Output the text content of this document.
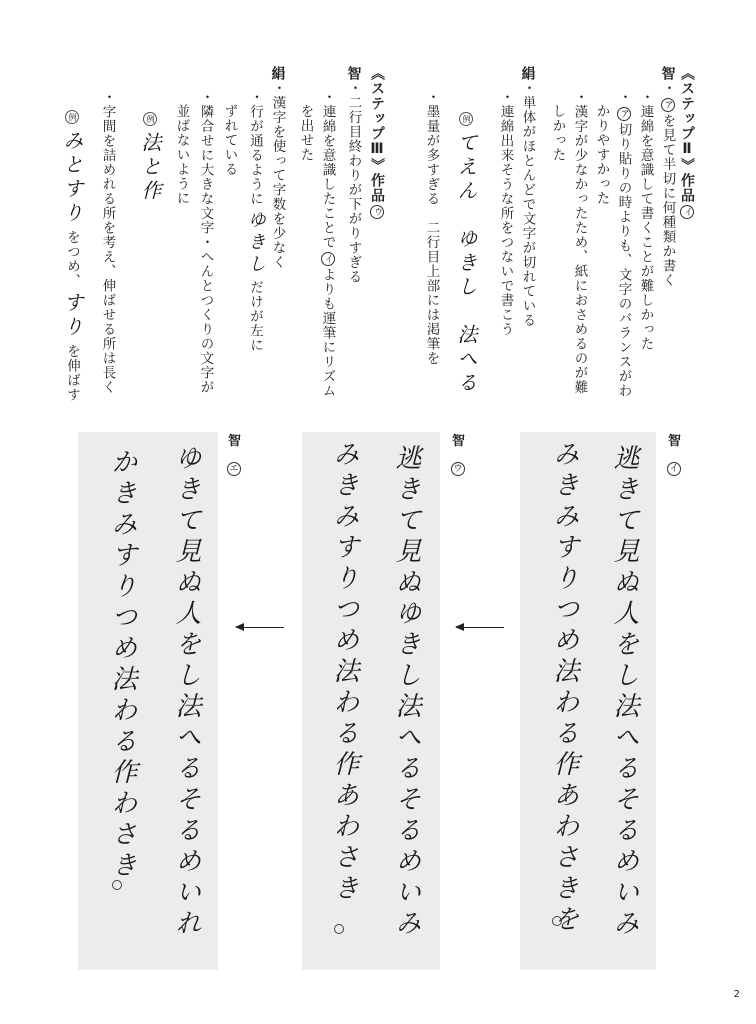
《ステップⅡ》作品イ
智・アを見て半切に何種類か書く
・連綿を意識して書くことが難しかった
・ア切り貼りの時よりも、文字のバランスがわ
かりやすかった
・漢字が少なかったため、紙におさめるのが難
しかった
絹・単体がほとんどで文字が切れている
・連綿出来そうな所をつないで書こう
例てえん　ゆきし　法へる
・墨量が多すぎる　二行目上部には渇筆を
《ステップⅢ》作品ウ
智・二行目終わりが下がりすぎる
・連綿を意識したことでイよりも運筆にリズム
を出せた
絹・漢字を使って字数を少なく
・行が通るようにゆきしだけが左に
ずれている
・隣合せに大きな文字・へんとつくりの文字が
並ばないように
例法と作
・字間を詰めれる所を考え、伸ばせる所は長く
例みとすりをつめ、すりを伸ばす
智
イ
逃きて見ぬ人をし法へるそるめいみ
みきみすりつめ法わる作あわさきを
智
ウ
逃きて見ぬゆきし法へるそるめいみ
みきみすりつめ法わる作あわさき
智
エ
ゆきて見ぬ人をし法へるそるめいれ
かきみすりつめ法わる作わさき
2
